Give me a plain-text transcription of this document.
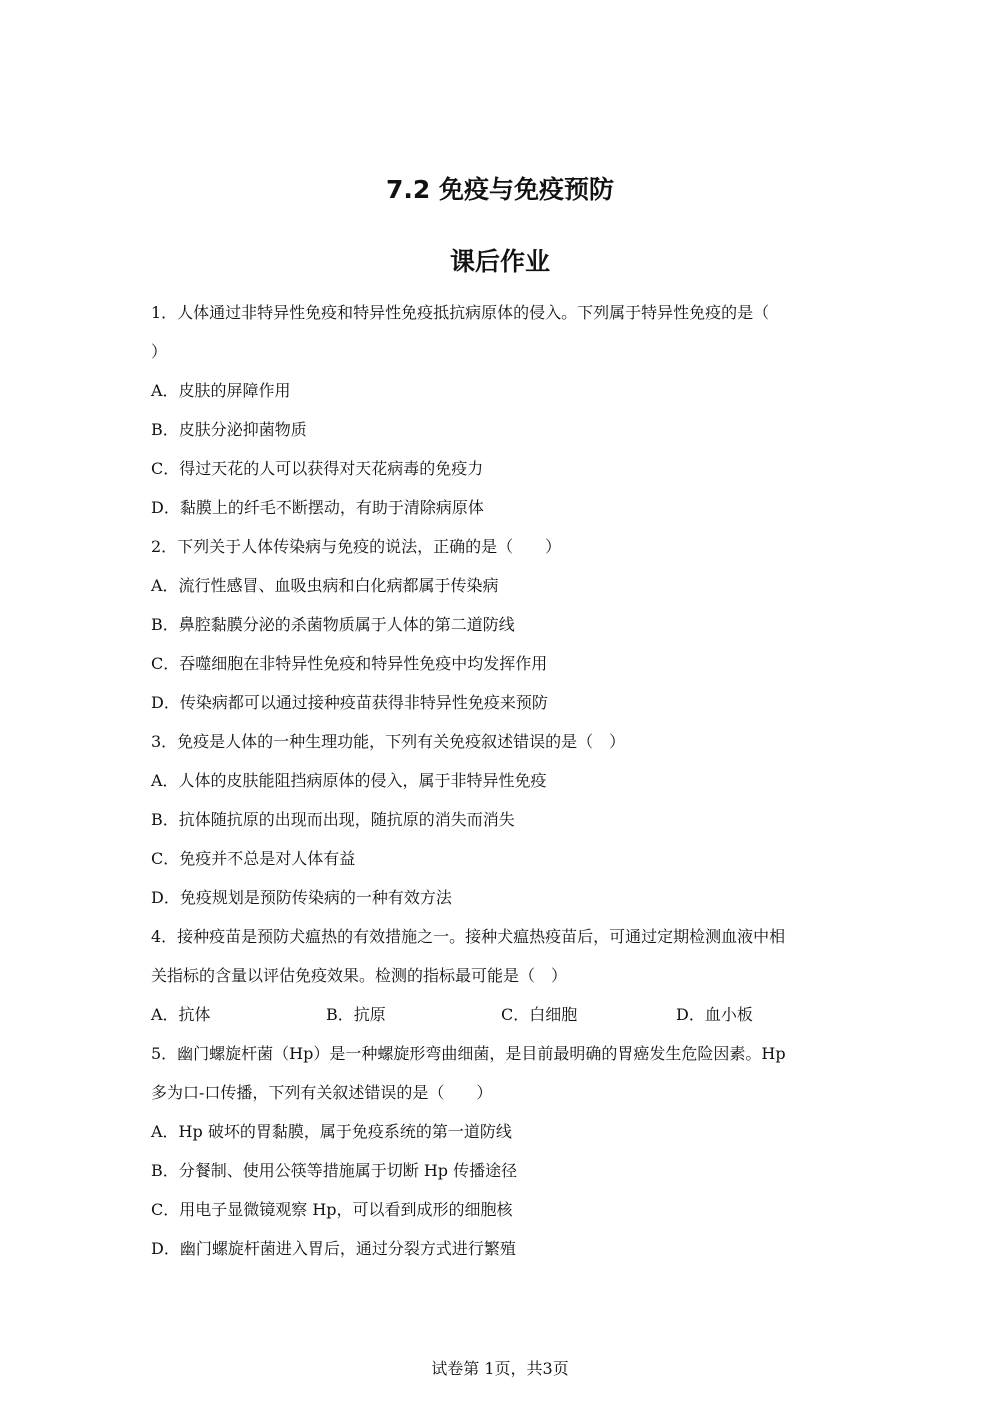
7.2 免疫与免疫预防
课后作业
1．人体通过非特异性免疫和特异性免疫抵抗病原体的侵入。下列属于特异性免疫的是（
）
A．皮肤的屏障作用
B．皮肤分泌抑菌物质
C．得过天花的人可以获得对天花病毒的免疫力
D．黏膜上的纤毛不断摆动，有助于清除病原体
2．下列关于人体传染病与免疫的说法，正确的是（　　）
A．流行性感冒、血吸虫病和白化病都属于传染病
B．鼻腔黏膜分泌的杀菌物质属于人体的第二道防线
C．吞噬细胞在非特异性免疫和特异性免疫中均发挥作用
D．传染病都可以通过接种疫苗获得非特异性免疫来预防
3．免疫是人体的一种生理功能，下列有关免疫叙述错误的是（　）
A．人体的皮肤能阻挡病原体的侵入，属于非特异性免疫
B．抗体随抗原的出现而出现，随抗原的消失而消失
C．免疫并不总是对人体有益
D．免疫规划是预防传染病的一种有效方法
4．接种疫苗是预防犬瘟热的有效措施之一。接种犬瘟热疫苗后，可通过定期检测血液中相
关指标的含量以评估免疫效果。检测的指标最可能是（　）
A．抗体	B．抗原	C．白细胞	D．血小板
5．幽门螺旋杆菌（Hp）是一种螺旋形弯曲细菌，是目前最明确的胃癌发生危险因素。Hp
多为口-口传播，下列有关叙述错误的是（　　）
A．Hp 破坏的胃黏膜，属于免疫系统的第一道防线
B．分餐制、使用公筷等措施属于切断 Hp 传播途径
C．用电子显微镜观察 Hp，可以看到成形的细胞核
D．幽门螺旋杆菌进入胃后，通过分裂方式进行繁殖
试卷第 1页，共3页
